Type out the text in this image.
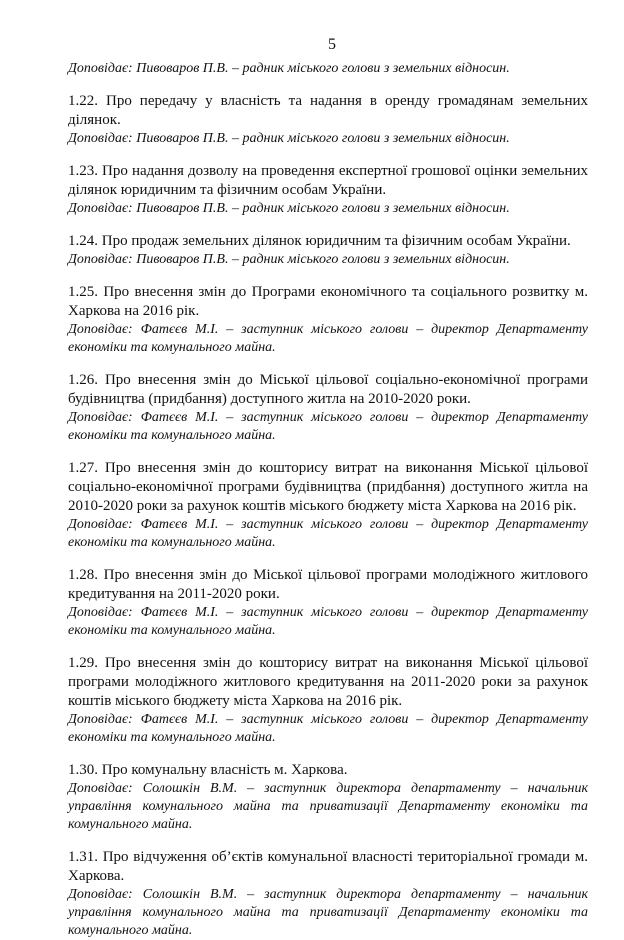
5

Доповідає: Пивоваров П.В. – радник міського голови з земельних відносин.

1.22. Про передачу у власність та надання в оренду громадянам земельних ділянок.

Доповідає: Пивоваров П.В. – радник міського голови з земельних відносин.

1.23. Про надання дозволу на проведення експертної грошової оцінки земельних ділянок юридичним та фізичним особам України.

Доповідає: Пивоваров П.В. – радник міського голови з земельних відносин.

1.24. Про продаж земельних ділянок юридичним та фізичним особам України.

Доповідає: Пивоваров П.В. – радник міського голови з земельних відносин.

1.25. Про внесення змін до Програми економічного та соціального розвитку м. Харкова на 2016 рік.

Доповідає: Фатєєв М.І. – заступник міського голови – директор Департаменту економіки та комунального майна.

1.26. Про внесення змін до Міської цільової соціально-економічної програми будівництва (придбання) доступного житла на 2010-2020 роки.

Доповідає: Фатєєв М.І. – заступник міського голови – директор Департаменту економіки та комунального майна.

1.27. Про внесення змін до кошторису витрат на виконання Міської цільової соціально-економічної програми будівництва (придбання) доступного житла на 2010-2020 роки за рахунок коштів міського бюджету міста Харкова на 2016 рік.

Доповідає: Фатєєв М.І. – заступник міського голови – директор Департаменту економіки та комунального майна.

1.28. Про внесення змін до Міської цільової програми молодіжного житлового кредитування на 2011-2020 роки.

Доповідає: Фатєєв М.І. – заступник міського голови – директор Департаменту економіки та комунального майна.

1.29. Про внесення змін до кошторису витрат на виконання Міської цільової програми молодіжного житлового кредитування на 2011-2020 роки за рахунок коштів міського бюджету міста Харкова на 2016 рік.

Доповідає: Фатєєв М.І. – заступник міського голови – директор Департаменту економіки та комунального майна.

1.30. Про комунальну власність м. Харкова.

Доповідає: Солошкін В.М. – заступник директора департаменту – начальник управління комунального майна та приватизації Департаменту економіки та комунального майна.

1.31. Про відчуження об’єктів комунальної власності територіальної громади м. Харкова.

Доповідає: Солошкін В.М. – заступник директора департаменту – начальник управління комунального майна та приватизації Департаменту економіки та комунального майна.
